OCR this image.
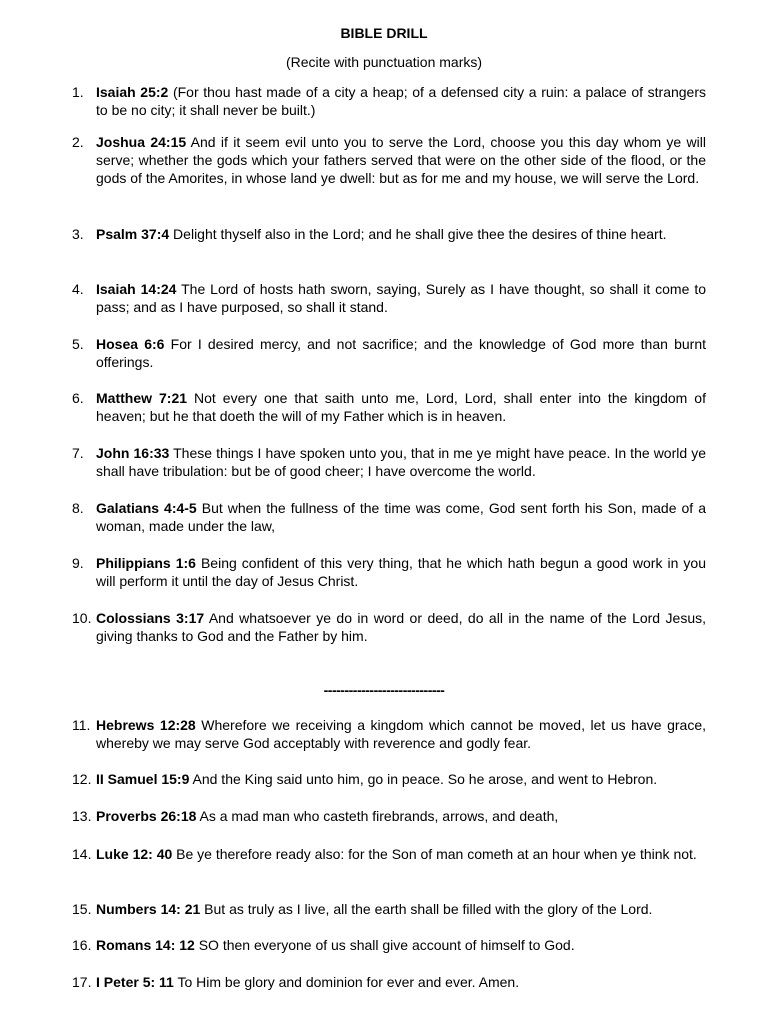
BIBLE DRILL
(Recite with punctuation marks)
1. Isaiah 25:2 (For thou hast made of a city a heap; of a defensed city a ruin: a palace of strangers to be no city; it shall never be built.)
2. Joshua 24:15 And if it seem evil unto you to serve the Lord, choose you this day whom ye will serve; whether the gods which your fathers served that were on the other side of the flood, or the gods of the Amorites, in whose land ye dwell: but as for me and my house, we will serve the Lord.
3. Psalm 37:4 Delight thyself also in the Lord; and he shall give thee the desires of thine heart.
4. Isaiah 14:24 The Lord of hosts hath sworn, saying, Surely as I have thought, so shall it come to pass; and as I have purposed, so shall it stand.
5. Hosea 6:6 For I desired mercy, and not sacrifice; and the knowledge of God more than burnt offerings.
6. Matthew 7:21 Not every one that saith unto me, Lord, Lord, shall enter into the kingdom of heaven; but he that doeth the will of my Father which is in heaven.
7. John 16:33 These things I have spoken unto you, that in me ye might have peace. In the world ye shall have tribulation: but be of good cheer; I have overcome the world.
8. Galatians 4:4-5 But when the fullness of the time was come, God sent forth his Son, made of a woman, made under the law,
9. Philippians 1:6 Being confident of this very thing, that he which hath begun a good work in you will perform it until the day of Jesus Christ.
10. Colossians 3:17 And whatsoever ye do in word or deed, do all in the name of the Lord Jesus, giving thanks to God and the Father by him.
-----------------------------
11. Hebrews 12:28 Wherefore we receiving a kingdom which cannot be moved, let us have grace, whereby we may serve God acceptably with reverence and godly fear.
12. II Samuel 15:9 And the King said unto him, go in peace. So he arose, and went to Hebron.
13. Proverbs 26:18 As a mad man who casteth firebrands, arrows, and death,
14. Luke 12: 40 Be ye therefore ready also: for the Son of man cometh at an hour when ye think not.
15. Numbers 14: 21 But as truly as I live, all the earth shall be filled with the glory of the Lord.
16. Romans 14: 12 SO then everyone of us shall give account of himself to God.
17. I Peter 5: 11 To Him be glory and dominion for ever and ever. Amen.
